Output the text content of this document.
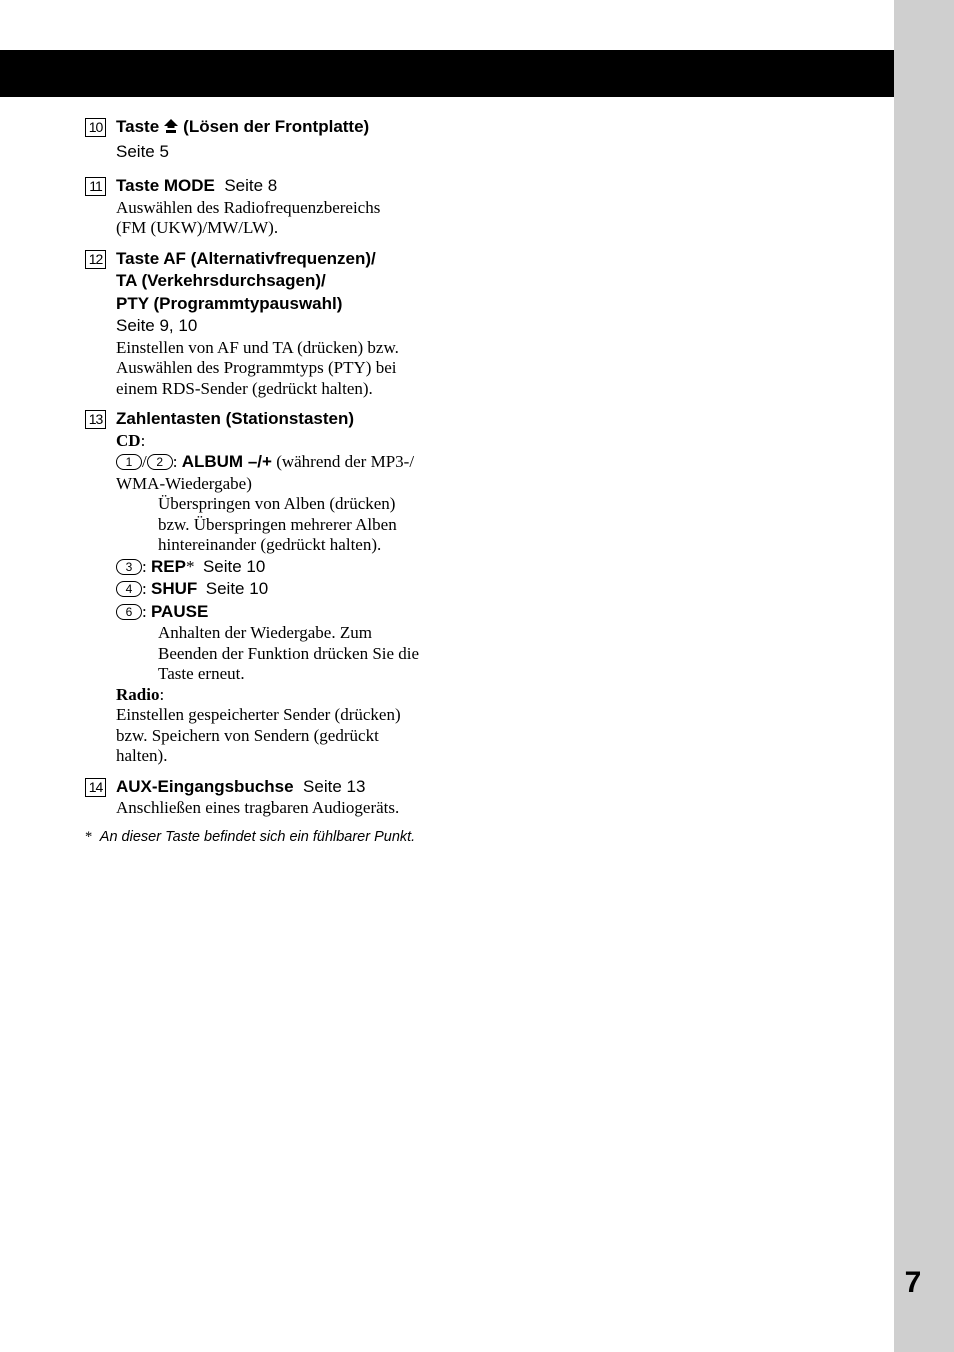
7
10 Taste (Lösen der Frontplatte)
Seite 5
11 Taste MODE Seite 8
Auswählen des Radiofrequenzbereichs
(FM (UKW)/MW/LW).
12 Taste AF (Alternativfrequenzen)/
TA (Verkehrsdurchsagen)/
PTY (Programmtypauswahl)
Seite 9, 10
Einstellen von AF und TA (drücken) bzw.
Auswählen des Programmtyps (PTY) bei
einem RDS-Sender (gedrückt halten).
13 Zahlentasten (Stationstasten)
CD:
1 / 2 : ALBUM –/+ (während der MP3-/
WMA-Wiedergabe)
Überspringen von Alben (drücken)
bzw. Überspringen mehrerer Alben
hintereinander (gedrückt halten).
3 : REP* Seite 10
4 : SHUF Seite 10
6 : PAUSE
Anhalten der Wiedergabe. Zum
Beenden der Funktion drücken Sie die
Taste erneut.
Radio:
Einstellen gespeicherter Sender (drücken)
bzw. Speichern von Sendern (gedrückt
halten).
14 AUX-Eingangsbuchse Seite 13
Anschließen eines tragbaren Audiogeräts.
* An dieser Taste befindet sich ein fühlbarer Punkt.
